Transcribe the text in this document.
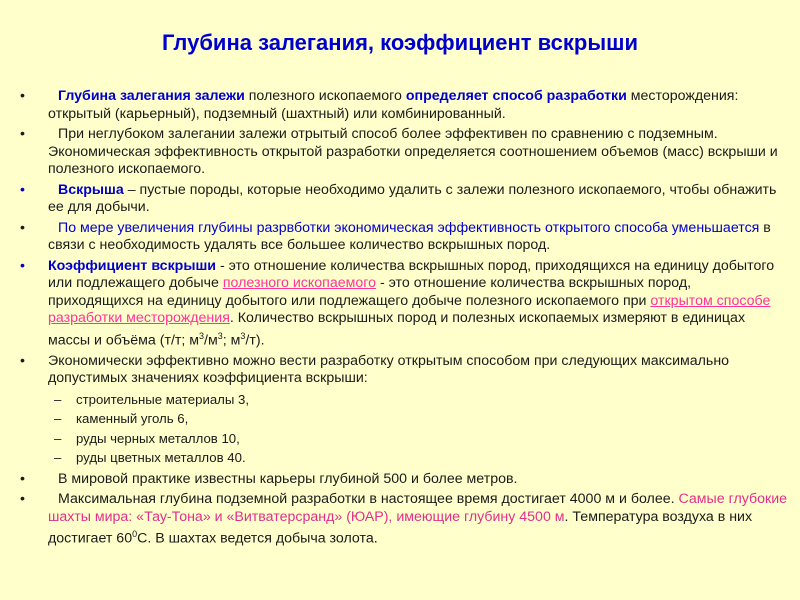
Глубина залегания, коэффициент вскрыши
•	Глубина залегания залежи полезного ископаемого определяет способ разработки месторождения: открытый (карьерный), подземный (шахтный) или комбинированный.
•	При неглубоком залегании залежи отрытый способ более эффективен по сравнению с подземным. Экономическая эффективность открытой разработки определяется соотношением объемов (масс) вскрыши и полезного ископаемого.
•	Вскрыша – пустые породы, которые необходимо удалить с залежи полезного ископаемого, чтобы обнажить ее для добычи.
•	По мере увеличения глубины разрвботки экономическая эффективность открытого способа уменьшается в связи с необходимость удалять все большее количество вскрышных пород.
•	Коэффициент вскрыши - это отношение количества вскрышных пород, приходящихся на единицу добытого или подлежащего добыче полезного ископаемого - это отношение количества вскрышных пород, приходящихся на единицу добытого или подлежащего добыче полезного ископаемого при открытом способе разработки месторождения. Количество вскрышных пород и полезных ископаемых измеряют в единицах массы и объёма (т/т; $м^3/м^3$; $м^3/т$).
•	Экономически эффективно можно вести разработку открытым способом при следующих максимально допустимых значениях коэффициента вскрыши:
– строительные материалы 3,
– каменный уголь 6,
– руды черных металлов 10,
– руды цветных металлов 40.
•	В мировой практике известны карьеры глубиной 500 и более метров.
•	Максимальная глубина подземной разработки в настоящее время достигает 4000 м и более. Самые глубокие шахты мира: «Тау-Тона» и «Витватерсранд» (ЮАР), имеющие глубину 4500 м. Температура воздуха в них достигает $60^0С$. В шахтах ведется добыча золота.
